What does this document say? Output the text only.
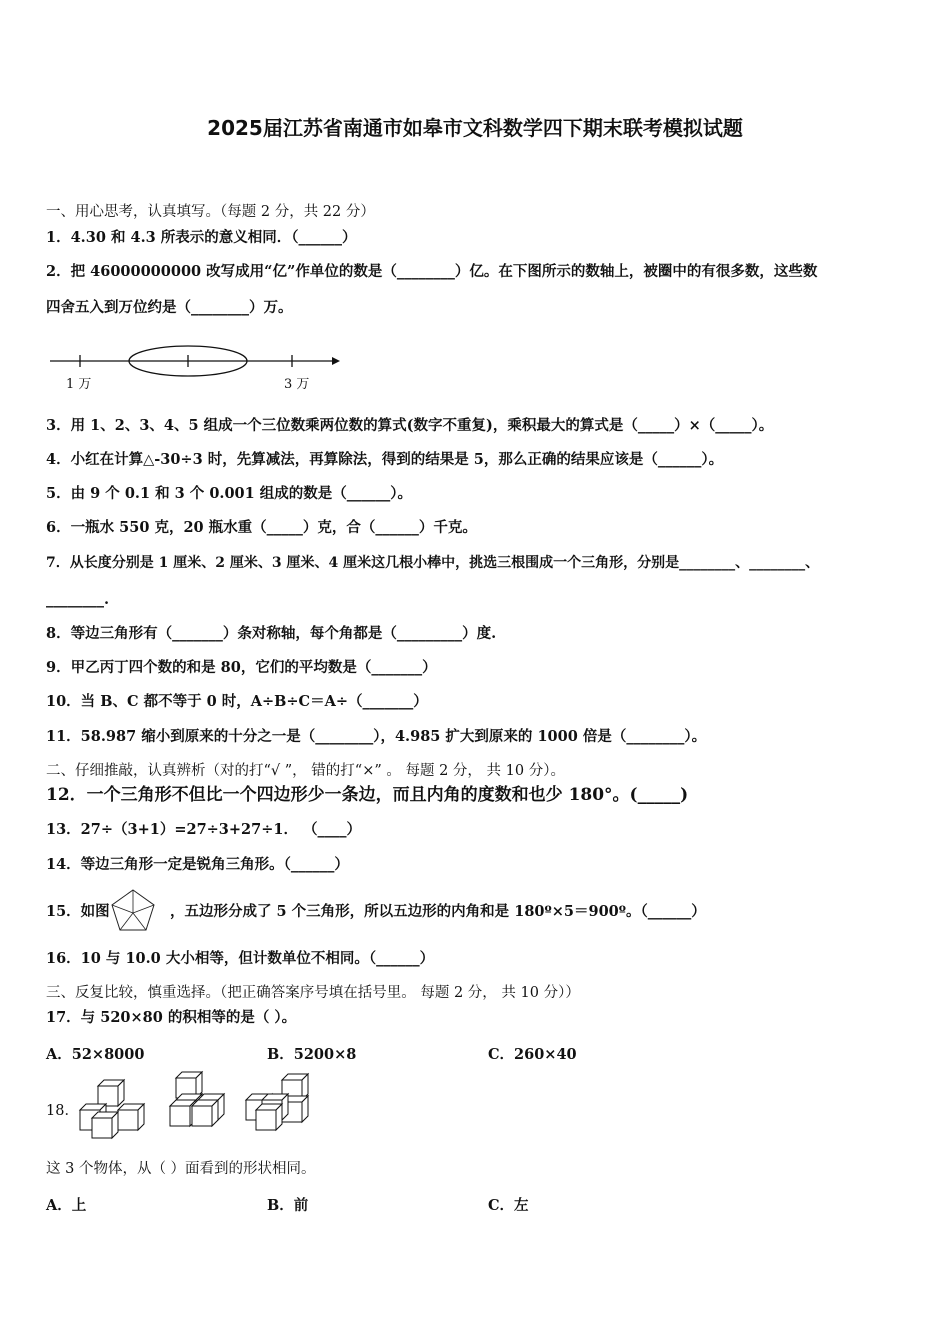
2025届江苏省南通市如皋市文科数学四下期末联考模拟试题
一、用心思考，认真填写。（每题 2 分，共 22 分）
1．4.30 和 4.3 所表示的意义相同．（______）
2．把 46000000000 改写成用“亿”作单位的数是（________）亿。在下图所示的数轴上，被圈中的有很多数，这些数
四舍五入到万位约是（________）万。
1 万	3 万
3．用 1、2、3、4、5 组成一个三位数乘两位数的算式(数字不重复)，乘积最大的算式是（_____）×（_____）。
4．小红在计算△-30÷3 时，先算减法，再算除法，得到的结果是 5，那么正确的结果应该是（______）。
5．由 9 个 0.1 和 3 个 0.001 组成的数是（______）。
6．一瓶水 550 克，20 瓶水重（_____）克，合（______）千克。
7．从长度分别是 1 厘米、2 厘米、3 厘米、4 厘米这几根小棒中，挑选三根围成一个三角形，分别是________、________、
________.
8．等边三角形有（_______）条对称轴，每个角都是（_________）度.
9．甲乙丙丁四个数的和是 80，它们的平均数是（_______）
10．当 B、C 都不等于 0 时，A÷B÷C＝A÷（_______）
11．58.987 缩小到原来的十分之一是（________），4.985 扩大到原来的 1000 倍是（________）。
二、仔细推敲，认真辨析（对的打“√ ”， 错的打“×” 。 每题 2 分， 共 10 分）。
12．一个三角形不但比一个四边形少一条边，而且内角的度数和也少 180°。(_____)
13．27÷（3+1）=27÷3+27÷1． （____）
14．等边三角形一定是锐角三角形。（______）
15．如图	，五边形分成了 5 个三角形，所以五边形的内角和是 180º×5＝900º。（______）
16．10 与 10.0 大小相等，但计数单位不相同。（______）
三、反复比较，慎重选择。（把正确答案序号填在括号里。 每题 2 分， 共 10 分））
17．与 520×80 的积相等的是（ ）。
A．52×8000	B．5200×8	C．260×40
18．
这 3 个物体，从（ ）面看到的形状相同。
A．上	B．前	C．左
